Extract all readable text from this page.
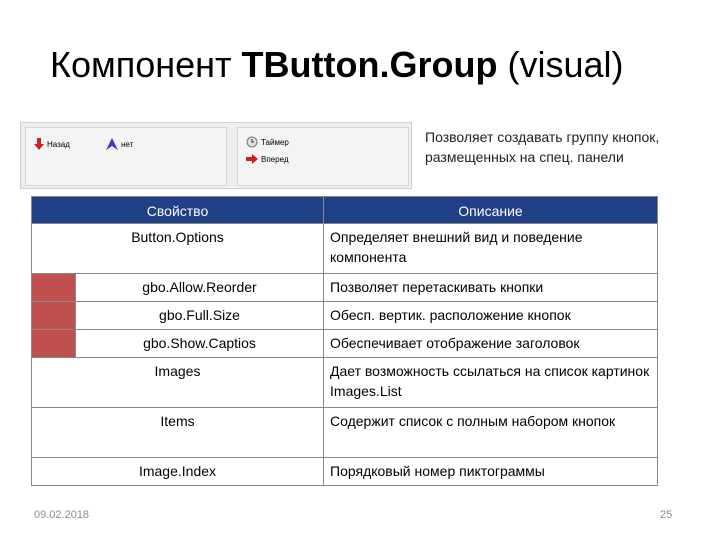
Компонент TButton.Group (visual)
Назад	нет	Таймер
Вперед
Позволяет создавать группу кнопок, размещенных на спец. панели
Свойство		Описание
Button.Options		Определяет внешний вид и поведение компонента
	gbo.Allow.Reorder	Позволяет перетаскивать кнопки
	gbo.Full.Size	Обесп. вертик. расположение кнопок
	gbo.Show.Captios	Обеспечивает отображение заголовок
Images		Дает возможность ссылаться на список картинок Images.List
Items		Содержит список с полным набором кнопок
Image.Index		Порядковый номер пиктограммы
09.02.2018	25
